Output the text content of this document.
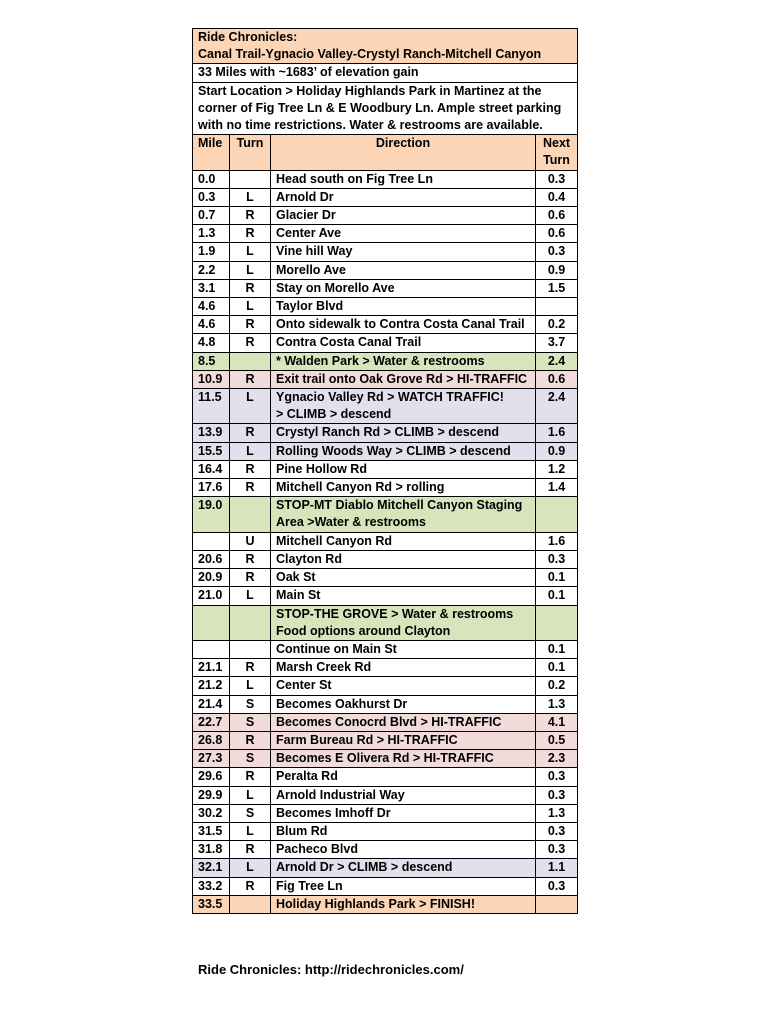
Ride Chronicles:
Canal Trail-Ygnacio Valley-Crystyl Ranch-Mitchell Canyon			

33 Miles with ~1683’ of elevation gain			

Start Location > Holiday Highlands Park in Martinez at the
corner of Fig Tree Ln & E Woodbury Ln. Ample street parking
with no time restrictions. Water & restrooms are available.			

Mile	Turn	Direction	Next
Turn

0.0		Head south on Fig Tree Ln	0.3
0.3	L	Arnold Dr	0.4
0.7	R	Glacier Dr	0.6
1.3	R	Center Ave	0.6
1.9	L	Vine hill Way	0.3
2.2	L	Morello Ave	0.9
3.1	R	Stay on Morello Ave	1.5
4.6	L	Taylor Blvd	
4.6	R	Onto sidewalk to Contra Costa Canal Trail	0.2
4.8	R	Contra Costa Canal Trail	3.7
8.5		* Walden Park > Water & restrooms	2.4
10.9	R	Exit trail onto Oak Grove Rd > HI-TRAFFIC	0.6
11.5	L	Ygnacio Valley Rd > WATCH TRAFFIC!
> CLIMB > descend	2.4
13.9	R	Crystyl Ranch Rd > CLIMB > descend	1.6
15.5	L	Rolling Woods Way > CLIMB > descend	0.9
16.4	R	Pine Hollow Rd	1.2
17.6	R	Mitchell Canyon Rd > rolling	1.4
19.0		STOP-MT Diablo Mitchell Canyon Staging
Area >Water & restrooms	

	U	Mitchell Canyon Rd	1.6
20.6	R	Clayton Rd	0.3
20.9	R	Oak St	0.1
21.0	L	Main St	0.1

		STOP-THE GROVE > Water & restrooms
Food options around Clayton	

		Continue on Main St	0.1
21.1	R	Marsh Creek Rd	0.1
21.2	L	Center St	0.2
21.4	S	Becomes Oakhurst Dr	1.3
22.7	S	Becomes Conocrd Blvd > HI-TRAFFIC	4.1
26.8	R	Farm Bureau Rd > HI-TRAFFIC	0.5
27.3	S	Becomes E Olivera Rd > HI-TRAFFIC	2.3
29.6	R	Peralta Rd	0.3
29.9	L	Arnold Industrial Way	0.3
30.2	S	Becomes Imhoff Dr	1.3
31.5	L	Blum Rd	0.3
31.8	R	Pacheco Blvd	0.3
32.1	L	Arnold Dr > CLIMB > descend	1.1
33.2	R	Fig Tree Ln	0.3
33.5		Holiday Highlands Park > FINISH!	
Ride Chronicles: http://ridechronicles.com/
